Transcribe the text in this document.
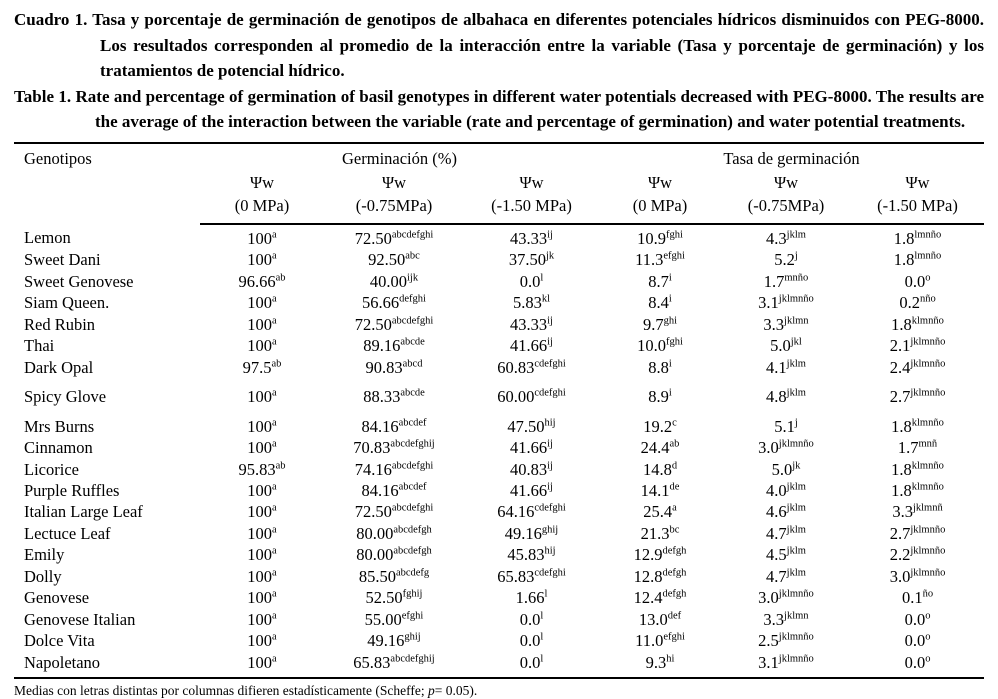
Cuadro 1. Tasa y porcentaje de germinación de genotipos de albahaca en diferentes potenciales hídricos disminuidos con PEG-8000. Los resultados corresponden al promedio de la interacción entre la variable (Tasa y porcentaje de germinación) y los tratamientos de potencial hídrico.

Table 1. Rate and percentage of germination of basil genotypes in different water potentials decreased with PEG-8000. The results are the average of the interaction between the variable (rate and percentage of germination) and water potential treatments.

Genotipos	Germinación (%)			Tasa de germinación		
	Ψw	Ψw	Ψw	Ψw	Ψw	Ψw
	(0 MPa)	(-0.75MPa)	(-1.50 MPa)	(0 MPa)	(-0.75MPa)	(-1.50 MPa)
Lemon	100$^a$	$72.50^{abcdefghi}$	$43.33^{ij}$	$10.9^{fghi}$	$4.3^{jklm}$	$1.8^{lmnño}$
Sweet Dani	100$^a$	92.50$^{abc}$	$37.50^{jk}$	$11.3^{efghi}$	5.2$^j$	$1.8^{lmnño}$
Sweet Genovese	96.66$^{ab}$	$40.00^{ijk}$	0.0$^l$	8.7$^i$	$1.7^{mnño}$	0.0$^o$
Siam Queen.	100$^a$	$56.66^{defghi}$	$5.83^{kl}$	8.4$^i$	$3.1^{jklmnño}$	$0.2^{nño}$
Red Rubin	100$^a$	$72.50^{abcdefghi}$	$43.33^{ij}$	$9.7^{ghi}$	$3.3^{jklmn}$	$1.8^{klmnño}$
Thai	100$^a$	$89.16^{abcde}$	$41.66^{ij}$	$10.0^{fghi}$	$5.0^{jkl}$	$2.1^{jklmnño}$
Dark Opal	97.5$^{ab}$	$90.83^{abcd}$	$60.83^{cdefghi}$	8.8$^i$	$4.1^{jklm}$	$2.4^{jklmnño}$
Spicy Glove	100$^a$	$88.33^{abcde}$	$60.00^{cdefghi}$	8.9$^i$	$4.8^{jklm}$	$2.7^{jklmnño}$
Mrs Burns	100$^a$	$84.16^{abcdef}$	$47.50^{hij}$	19.2$^c$	5.1$^j$	$1.8^{klmnño}$
Cinnamon	100$^a$	$70.83^{abcdefghij}$	$41.66^{ij}$	24.4$^{ab}$	$3.0^{jklmnño}$	$1.7^{mnñ}$
Licorice	95.83$^{ab}$	$74.16^{abcdefghi}$	$40.83^{ij}$	14.8$^d$	$5.0^{jk}$	$1.8^{klmnño}$
Purple Ruffles	100$^a$	$84.16^{abcdef}$	$41.66^{ij}$	14.1de	$4.0^{jklm}$	$1.8^{klmnño}$
Italian Large Leaf	100$^a$	$72.50^{abcdefghi}$	$64.16^{cdefghi}$	25.4$^a$	$4.6^{jklm}$	$3.3^{jklmnñ}$
Lectuce Leaf	100$^a$	$80.00^{abcdefgh}$	$49.16^{ghij}$	21.3$^{bc}$	$4.7^{jklm}$	$2.7^{jklmnño}$
Emily	100$^a$	$80.00^{abcdefgh}$	$45.83^{hij}$	$12.9^{defgh}$	$4.5^{jklm}$	$2.2^{jklmnño}$
Dolly	100$^a$	$85.50^{abcdefg}$	$65.83^{cdefghi}$	$12.8^{defgh}$	$4.7^{jklm}$	$3.0^{jklmnño}$
Genovese	100$^a$	$52.50^{fghij}$	1.66$^l$	$12.4^{defgh}$	$3.0^{jklmnño}$	$0.1^{ño}$
Genovese Italian	100$^a$	$55.00^{efghi}$	0.0$^l$	13.0$^{def}$	$3.3^{jklmn}$	0.0$^o$
Dolce Vita	100$^a$	$49.16^{ghij}$	0.0$^l$	$11.0^{efghi}$	$2.5^{jklmnño}$	0.0$^o$
Napoletano	100$^a$	$65.83^{abcdefghij}$	0.0$^l$	$9.3^{hi}$	$3.1^{jklmnño}$	0.0$^o$

Medias con letras distintas por columnas difieren estadísticamente (Scheffe; p= 0.05).
